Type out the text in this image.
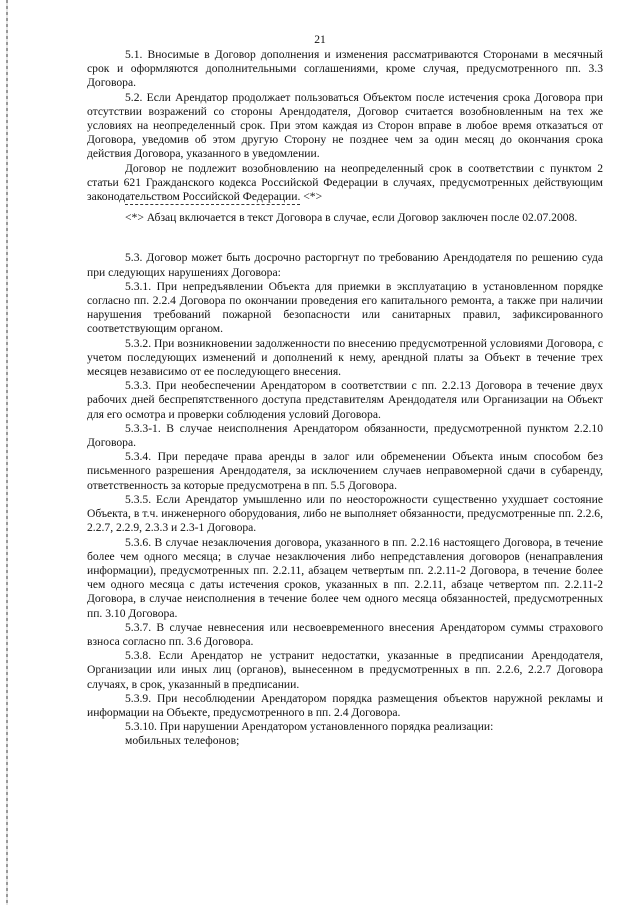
21

5.1. Вносимые в Договор дополнения и изменения рассматриваются Сторонами в месячный срок и оформляются дополнительными соглашениями, кроме случая, предусмотренного пп. 3.3 Договора.

5.2. Если Арендатор продолжает пользоваться Объектом после истечения срока Договора при отсутствии возражений со стороны Арендодателя, Договор считается возобновленным на тех же условиях на неопределенный срок. При этом каждая из Сторон вправе в любое время отказаться от Договора, уведомив об этом другую Сторону не позднее чем за один месяц до окончания срока действия Договора, указанного в уведомлении.

Договор не подлежит возобновлению на неопределенный срок в соответствии с пунктом 2 статьи 621 Гражданского кодекса Российской Федерации в случаях, предусмотренных действующим законодательством Российской Федерации. <*>

<*> Абзац включается в текст Договора в случае, если Договор заключен после 02.07.2008.

5.3. Договор может быть досрочно расторгнут по требованию Арендодателя по решению суда при следующих нарушениях Договора:

5.3.1. При непредъявлении Объекта для приемки в эксплуатацию в установленном порядке согласно пп. 2.2.4 Договора по окончании проведения его капитального ремонта, а также при наличии нарушения требований пожарной безопасности или санитарных правил, зафиксированного соответствующим органом.

5.3.2. При возникновении задолженности по внесению предусмотренной условиями Договора, с учетом последующих изменений и дополнений к нему, арендной платы за Объект в течение трех месяцев независимо от ее последующего внесения.

5.3.3. При необеспечении Арендатором в соответствии с пп. 2.2.13 Договора в течение двух рабочих дней беспрепятственного доступа представителям Арендодателя или Организации на Объект для его осмотра и проверки соблюдения условий Договора.

5.3.3-1. В случае неисполнения Арендатором обязанности, предусмотренной пунктом 2.2.10 Договора.

5.3.4. При передаче права аренды в залог или обременении Объекта иным способом без письменного разрешения Арендодателя, за исключением случаев неправомерной сдачи в субаренду, ответственность за которые предусмотрена в пп. 5.5 Договора.

5.3.5. Если Арендатор умышленно или по неосторожности существенно ухудшает состояние Объекта, в т.ч. инженерного оборудования, либо не выполняет обязанности, предусмотренные пп. 2.2.6, 2.2.7, 2.2.9, 2.3.3 и 2.3-1 Договора.

5.3.6. В случае незаключения договора, указанного в пп. 2.2.16 настоящего Договора, в течение более чем одного месяца; в случае незаключения либо непредставления договоров (ненаправления информации), предусмотренных пп. 2.2.11, абзацем четвертым пп. 2.2.11-2 Договора, в течение более чем одного месяца с даты истечения сроков, указанных в пп. 2.2.11, абзаце четвертом пп. 2.2.11-2 Договора, в случае неисполнения в течение более чем одного месяца обязанностей, предусмотренных пп. 3.10 Договора.

5.3.7. В случае невнесения или несвоевременного внесения Арендатором суммы страхового взноса согласно пп. 3.6 Договора.

5.3.8. Если Арендатор не устранит недостатки, указанные в предписании Арендодателя, Организации или иных лиц (органов), вынесенном в предусмотренных в пп. 2.2.6, 2.2.7 Договора случаях, в срок, указанный в предписании.

5.3.9. При несоблюдении Арендатором порядка размещения объектов наружной рекламы и информации на Объекте, предусмотренного в пп. 2.4 Договора.

5.3.10. При нарушении Арендатором установленного порядка реализации:

мобильных телефонов;
